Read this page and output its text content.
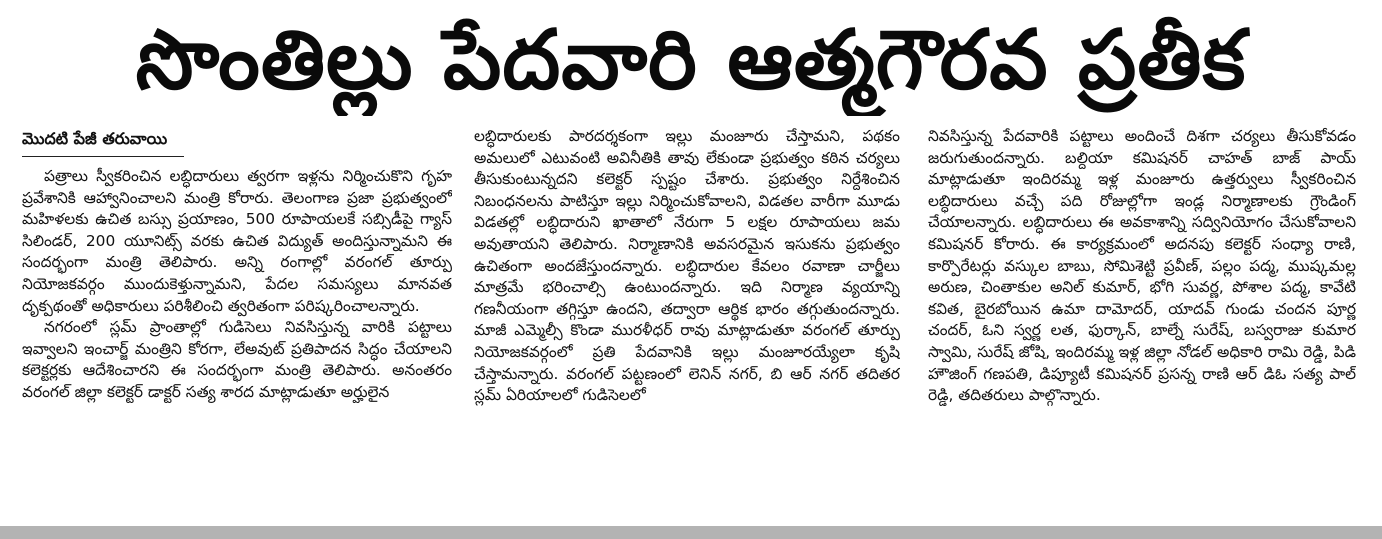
సొంతిల్లు పేదవారి ఆత్మగౌరవ ప్రతీక
మొదటి పేజీ తరువాయి

పత్రాలు స్వీకరించిన లబ్ధిదారులు త్వరగా ఇళ్లను నిర్మించుకొని గృహ ప్రవేశానికి ఆహ్వానించాలని మంత్రి కోరారు. తెలంగాణ ప్రజా ప్రభుత్వంలో మహిళలకు ఉచిత బస్సు ప్రయాణం, 500 రూపాయలకే సబ్సిడీపై గ్యాస్ సిలిండర్, 200 యూనిట్స్ వరకు ఉచిత విద్యుత్ అందిస్తున్నామని ఈ సందర్భంగా మంత్రి తెలిపారు. అన్ని రంగాల్లో వరంగల్ తూర్పు నియోజకవర్గం ముందుకెళ్తున్నామని, పేదల సమస్యలు మానవత దృక్పథంతో అధికారులు పరిశీలించి త్వరితంగా పరిష్కరించాలన్నారు.

నగరంలో స్లమ్ ప్రాంతాల్లో గుడిసెలు నివసిస్తున్న వారికి పట్టాలు ఇవ్వాలని ఇంచార్జ్ మంత్రిని కోరగా, లేఅవుట్ ప్రతిపాదన సిద్ధం చేయాలని కలెక్టర్లకు ఆదేశించారని ఈ సందర్భంగా మంత్రి తెలిపారు. అనంతరం వరంగల్ జిల్లా కలెక్టర్ డాక్టర్ సత్య శారద మాట్లాడుతూ అర్హులైన

లబ్ధిదారులకు పారదర్శకంగా ఇల్లు మంజూరు చేస్తామని, పథకం అమలులో ఎటువంటి అవినీతికి తావు లేకుండా ప్రభుత్వం కఠిన చర్యలు తీసుకుంటున్నదని కలెక్టర్ స్పష్టం చేశారు. ప్రభుత్వం నిర్దేశించిన నిబంధనలను పాటిస్తూ ఇల్లు నిర్మించుకోవాలని, విడతల వారీగా మూడు విడతల్లో లబ్ధిదారుని ఖాతాలో నేరుగా 5 లక్షల రూపాయలు జమ అవుతాయని తెలిపారు. నిర్మాణానికి అవసరమైన ఇసుకను ప్రభుత్వం ఉచితంగా అందజేస్తుందన్నారు. లబ్ధిదారుల కేవలం రవాణా చార్జీలు మాత్రమే భరించాల్సి ఉంటుందన్నారు. ఇది నిర్మాణ వ్యయాన్ని గణనీయంగా తగ్గిస్తూ ఉందని, తద్వారా ఆర్థిక భారం తగ్గుతుందన్నారు. మాజీ ఎమ్మెల్సీ కొండా మురళీధర్ రావు మాట్లాడుతూ వరంగల్ తూర్పు నియోజకవర్గంలో ప్రతి పేదవానికి ఇల్లు మంజూరయ్యేలా కృషి చేస్తామన్నారు. వరంగల్ పట్టణంలో లెనిన్ నగర్, బి ఆర్ నగర్ తదితర స్లమ్ ఏరియాలలో గుడిసెలలో

నివసిస్తున్న పేదవారికి పట్టాలు అందించే దిశగా చర్యలు తీసుకోవడం జరుగుతుందన్నారు. బల్దియా కమిషనర్ చాహత్ బాజ్ పాయ్ మాట్లాడుతూ ఇందిరమ్మ ఇళ్ల మంజూరు ఉత్తర్వులు స్వీకరించిన లబ్ధిదారులు వచ్చే పది రోజుల్లోగా ఇండ్ల నిర్మాణాలకు గ్రౌండింగ్ చేయాలన్నారు. లబ్ధిదారులు ఈ అవకాశాన్ని సద్వినియోగం చేసుకోవాలని కమిషనర్ కోరారు. ఈ కార్యక్రమంలో అదనపు కలెక్టర్ సంధ్యా రాణి, కార్పొరేటర్లు వస్కుల బాబు, సోమిశెట్టి ప్రవీణ్, పల్లం పద్మ, ముష్కమల్ల అరుణ, చింతాకుల అనిల్ కుమార్, భోగి సువర్ణ, పోశాల పద్మ, కావేటి కవిత, బైరబోయిన ఉమా దామోదర్, యాదవ్ గుండు చందన పూర్ణ చందర్, ఓని స్వర్ణ లత, ఫుర్కాన్, బాల్నే సురేష్, బస్వరాజు కుమార స్వామి, సురేష్ జోషి, ఇందిరమ్మ ఇళ్ల జిల్లా నోడల్ అధికారి రామి రెడ్డి, పిడి హౌజింగ్ గణపతి, డిప్యూటీ కమిషనర్ ప్రసన్న రాణి ఆర్ డిఓ సత్య పాల్ రెడ్డి, తదితరులు పాల్గొన్నారు.
